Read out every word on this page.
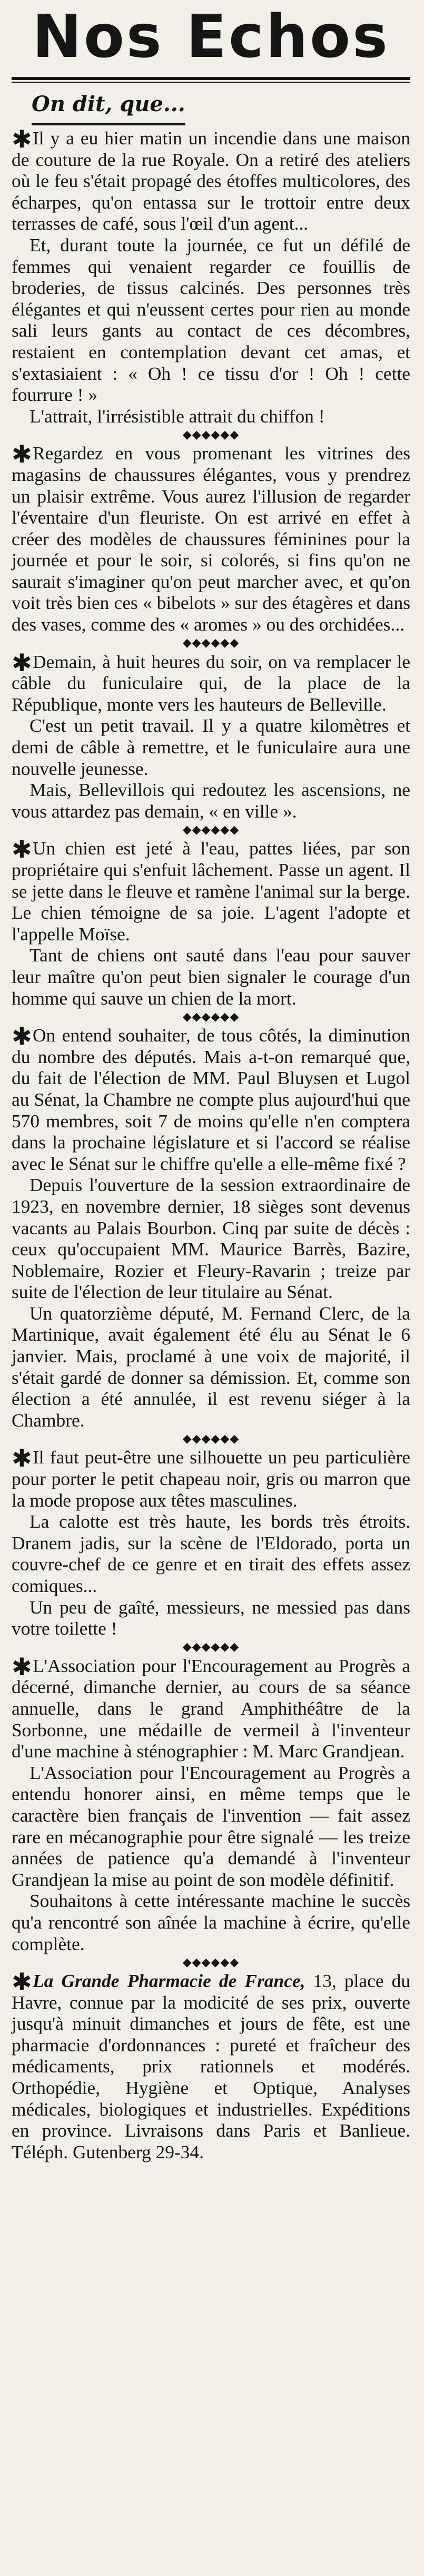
Nos Echos
On dit, que...

✱Il y a eu hier matin un incendie dans une maison de couture de la rue Royale. On a retiré des ateliers où le feu s'était propagé des étoffes multicolores, des écharpes, qu'on entassa sur le trottoir entre deux terrasses de café, sous l'œil d'un agent...

Et, durant toute la journée, ce fut un défilé de femmes qui venaient regarder ce fouillis de broderies, de tissus calcinés. Des personnes très élégantes et qui n'eussent certes pour rien au monde sali leurs gants au contact de ces décombres, restaient en contemplation devant cet amas, et s'extasiaient : « Oh ! ce tissu d'or ! Oh ! cette fourrure ! »

L'attrait, l'irrésistible attrait du chiffon !

◆◆◆◆◆◆

✱Regardez en vous promenant les vitrines des magasins de chaussures élégantes, vous y prendrez un plaisir extrême. Vous aurez l'illusion de regarder l'éventaire d'un fleuriste. On est arrivé en effet à créer des modèles de chaussures féminines pour la journée et pour le soir, si colorés, si fins qu'on ne saurait s'imaginer qu'on peut marcher avec, et qu'on voit très bien ces « bibelots » sur des étagères et dans des vases, comme des « aromes » ou des orchidées...

◆◆◆◆◆◆

✱Demain, à huit heures du soir, on va remplacer le câble du funiculaire qui, de la place de la République, monte vers les hauteurs de Belleville.

C'est un petit travail. Il y a quatre kilomètres et demi de câble à remettre, et le funiculaire aura une nouvelle jeunesse.

Mais, Bellevillois qui redoutez les ascensions, ne vous attardez pas demain, « en ville ».

◆◆◆◆◆◆

✱Un chien est jeté à l'eau, pattes liées, par son propriétaire qui s'enfuit lâchement. Passe un agent. Il se jette dans le fleuve et ramène l'animal sur la berge. Le chien témoigne de sa joie. L'agent l'adopte et l'appelle Moïse.

Tant de chiens ont sauté dans l'eau pour sauver leur maître qu'on peut bien signaler le courage d'un homme qui sauve un chien de la mort.

◆◆◆◆◆◆

✱On entend souhaiter, de tous côtés, la diminution du nombre des députés. Mais a-t-on remarqué que, du fait de l'élection de MM. Paul Bluysen et Lugol au Sénat, la Chambre ne compte plus aujourd'hui que 570 membres, soit 7 de moins qu'elle n'en comptera dans la prochaine législature et si l'accord se réalise avec le Sénat sur le chiffre qu'elle a elle-même fixé ?

Depuis l'ouverture de la session extraordinaire de 1923, en novembre dernier, 18 sièges sont devenus vacants au Palais Bourbon. Cinq par suite de décès : ceux qu'occupaient MM. Maurice Barrès, Bazire, Noblemaire, Rozier et Fleury-Ravarin ; treize par suite de l'élection de leur titulaire au Sénat.

Un quatorzième député, M. Fernand Clerc, de la Martinique, avait également été élu au Sénat le 6 janvier. Mais, proclamé à une voix de majorité, il s'était gardé de donner sa démission. Et, comme son élection a été annulée, il est revenu siéger à la Chambre.

◆◆◆◆◆◆

✱Il faut peut-être une silhouette un peu particulière pour porter le petit chapeau noir, gris ou marron que la mode propose aux têtes masculines.

La calotte est très haute, les bords très étroits. Dranem jadis, sur la scène de l'Eldorado, porta un couvre-chef de ce genre et en tirait des effets assez comiques...

Un peu de gaîté, messieurs, ne messied pas dans votre toilette !

◆◆◆◆◆◆

✱L'Association pour l'Encouragement au Progrès a décerné, dimanche dernier, au cours de sa séance annuelle, dans le grand Amphithéâtre de la Sorbonne, une médaille de vermeil à l'inventeur d'une machine à sténographier : M. Marc Grandjean.

L'Association pour l'Encouragement au Progrès a entendu honorer ainsi, en même temps que le caractère bien français de l'invention — fait assez rare en mécanographie pour être signalé — les treize années de patience qu'a demandé à l'inventeur Grandjean la mise au point de son modèle définitif.

Souhaitons à cette intéressante machine le succès qu'a rencontré son aînée la machine à écrire, qu'elle complète.

◆◆◆◆◆◆

✱La Grande Pharmacie de France, 13, place du Havre, connue par la modicité de ses prix, ouverte jusqu'à minuit dimanches et jours de fête, est une pharmacie d'ordonnances : pureté et fraîcheur des médicaments, prix rationnels et modérés. Orthopédie, Hygiène et Optique, Analyses médicales, biologiques et industrielles. Expéditions en province. Livraisons dans Paris et Banlieue. Téléph. Gutenberg 29-34.
